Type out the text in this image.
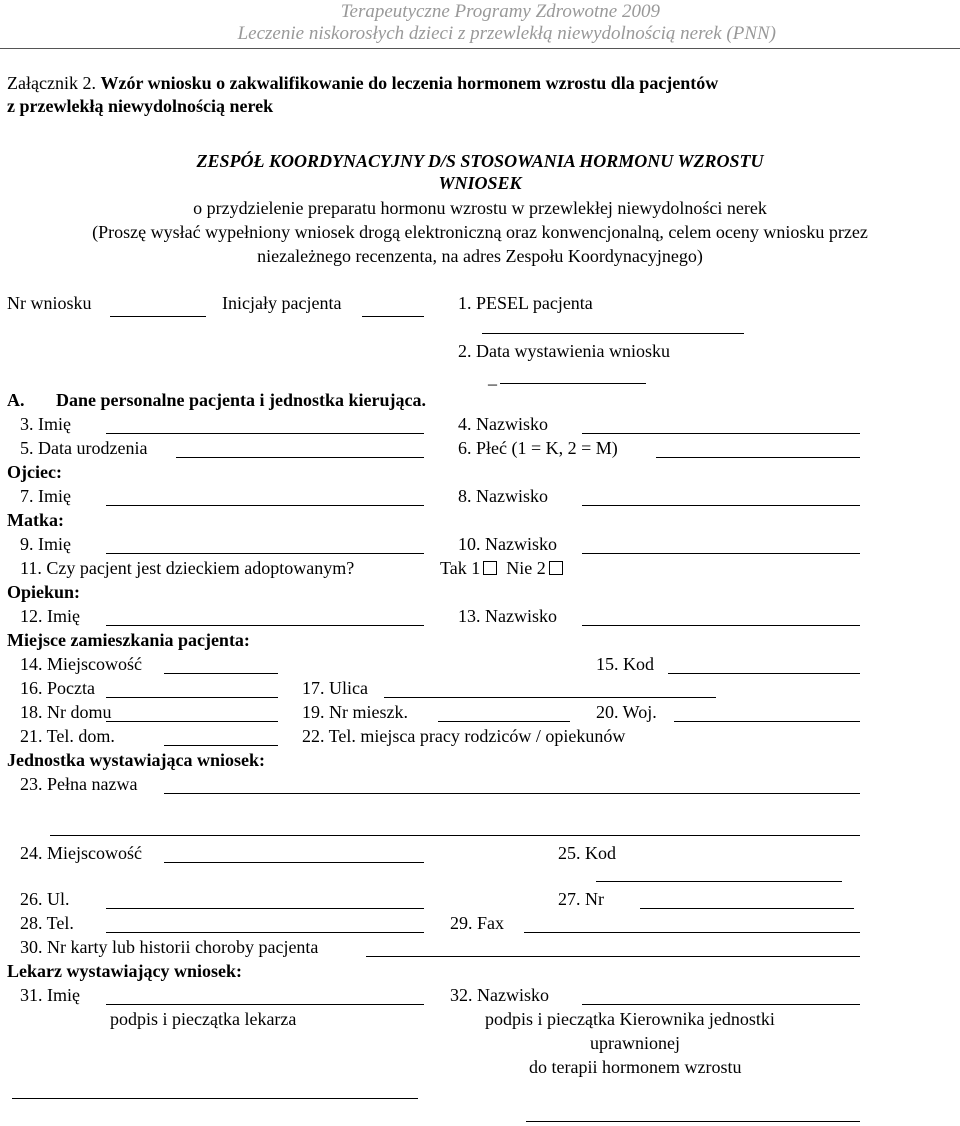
Terapeutyczne Programy Zdrowotne 2009
Leczenie niskorosłych dzieci z przewlekłą niewydolnością nerek (PNN)
Załącznik 2. Wzór wniosku o zakwalifikowanie do leczenia hormonem wzrostu dla pacjentów
z przewlekłą niewydolnością nerek
ZESPÓŁ KOORDYNACYJNY D/S STOSOWANIA HORMONU WZROSTU
WNIOSEK
o przydzielenie preparatu hormonu wzrostu w przewlekłej niewydolności nerek
(Proszę wysłać wypełniony wniosek drogą elektroniczną oraz konwencjonalną, celem oceny wniosku przez
niezależnego recenzenta, na adres Zespołu Koordynacyjnego)
Nr wniosku	Inicjały pacjenta	1. PESEL pacjenta
2. Data wystawienia wniosku
_
A. Dane personalne pacjenta i jednostka kierująca.
3. Imię	4. Nazwisko
5. Data urodzenia	6. Płeć (1 = K, 2 = M)
Ojciec:
7. Imię	8. Nazwisko
Matka:
9. Imię	10. Nazwisko
11. Czy pacjent jest dzieckiem adoptowanym?	Tak 1 Nie 2
Opiekun:
12. Imię	13. Nazwisko
Miejsce zamieszkania pacjenta:
14. Miejscowość	15. Kod
16. Poczta	17. Ulica
18. Nr domu	19. Nr mieszk.	20. Woj.
21. Tel. dom.	22. Tel. miejsca pracy rodziców / opiekunów
Jednostka wystawiająca wniosek:
23. Pełna nazwa
24. Miejscowość	25. Kod
26. Ul.	27. Nr
28. Tel.	29. Fax
30. Nr karty lub historii choroby pacjenta
Lekarz wystawiający wniosek:
31. Imię	32. Nazwisko
podpis i pieczątka lekarza	podpis i pieczątka Kierownika jednostki
uprawnionej
do terapii hormonem wzrostu
